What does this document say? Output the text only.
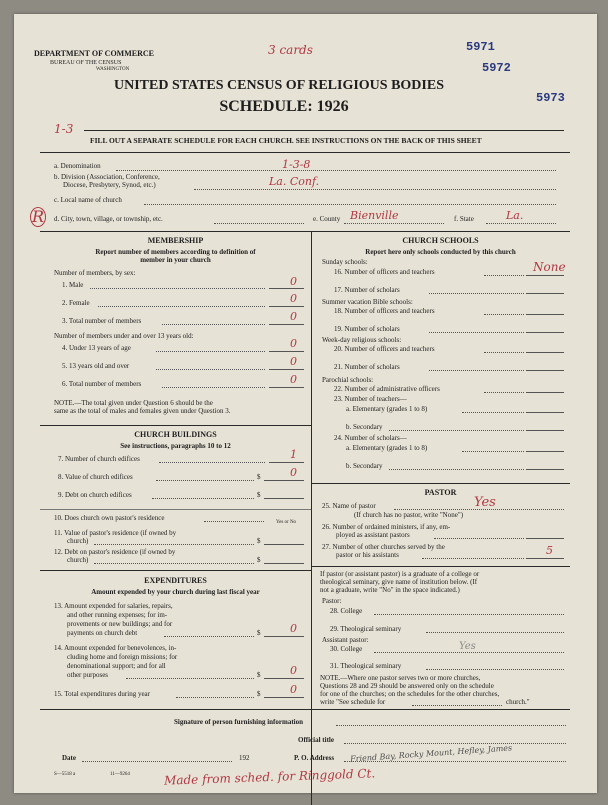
DEPARTMENT OF COMMERCE
BUREAU OF THE CENSUS
WASHINGTON
3 cards	5971
5972
5973
UNITED STATES CENSUS OF RELIGIOUS BODIES
SCHEDULE: 1926
1-3
FILL OUT A SEPARATE SCHEDULE FOR EACH CHURCH. SEE INSTRUCTIONS ON THE BACK OF THIS SHEET
a. Denomination	1-3-8
b. Division (Association, Conference,
Diocese, Presbytery, Synod, etc.)	La. Conf.
c. Local name of church
R d. City, town, village, or township, etc.	e. County Bienville	f. State	La.
MEMBERSHIP
Report number of members according to definition of
member in your church
Number of members, by sex:
1. Male	0
2. Female	0
3. Total number of members	0
Number of members under and over 13 years old:
4. Under 13 years of age	0
5. 13 years old and over	0
6. Total number of members	0
NOTE.—The total given under Question 6 should be the
same as the total of males and females given under Question 3.
CHURCH BUILDINGS
See instructions, paragraphs 10 to 12
7. Number of church edifices	1
8. Value of church edifices	$	0
9. Debt on church edifices	$
10. Does church own pastor's residence
Yes or No
11. Value of pastor's residence (if owned by
church)	$
12. Debt on pastor's residence (if owned by
church)	$
EXPENDITURES
Amount expended by your church during last fiscal year
13. Amount expended for salaries, repairs,
and other running expenses; for im-
provements or new buildings; and for
payments on church debt	$	0
14. Amount expended for benevolences, in-
cluding home and foreign missions; for
denominational support; and for all
other purposes	$	0
15. Total expenditures during year	$	0
CHURCH SCHOOLS
Report here only schools conducted by this church
Sunday schools:
16. Number of officers and teachers	None
17. Number of scholars
Summer vacation Bible schools:
18. Number of officers and teachers
19. Number of scholars
Week-day religious schools:
20. Number of officers and teachers
21. Number of scholars
Parochial schools:
22. Number of administrative officers
23. Number of teachers—
a. Elementary (grades 1 to 8)
b. Secondary
24. Number of scholars—
a. Elementary (grades 1 to 8)
b. Secondary
PASTOR
25. Name of pastor	Yes
(If church has no pastor, write "None")
26. Number of ordained ministers, if any, em-
ployed as assistant pastors
27. Number of other churches served by the
pastor or his assistants	5
If pastor (or assistant pastor) is a graduate of a college or
theological seminary, give name of institution below. (If
not a graduate, write "No" in the space indicated.)
Pastor:
28. College
29. Theological seminary
Assistant pastor:
30. College	Yes
31. Theological seminary
NOTE.—Where one pastor serves two or more churches,
Questions 28 and 29 should be answered only on the schedule
for one of the churches; on the schedules for the other churches,
write "See schedule for	church."
Signature of person furnishing information
Official title
Date	192	P. O. Address Friend Bay, Rocky Mount, Hefley, James
S—5518 a	11—9264	Made from sched. for Ringgold Ct.
